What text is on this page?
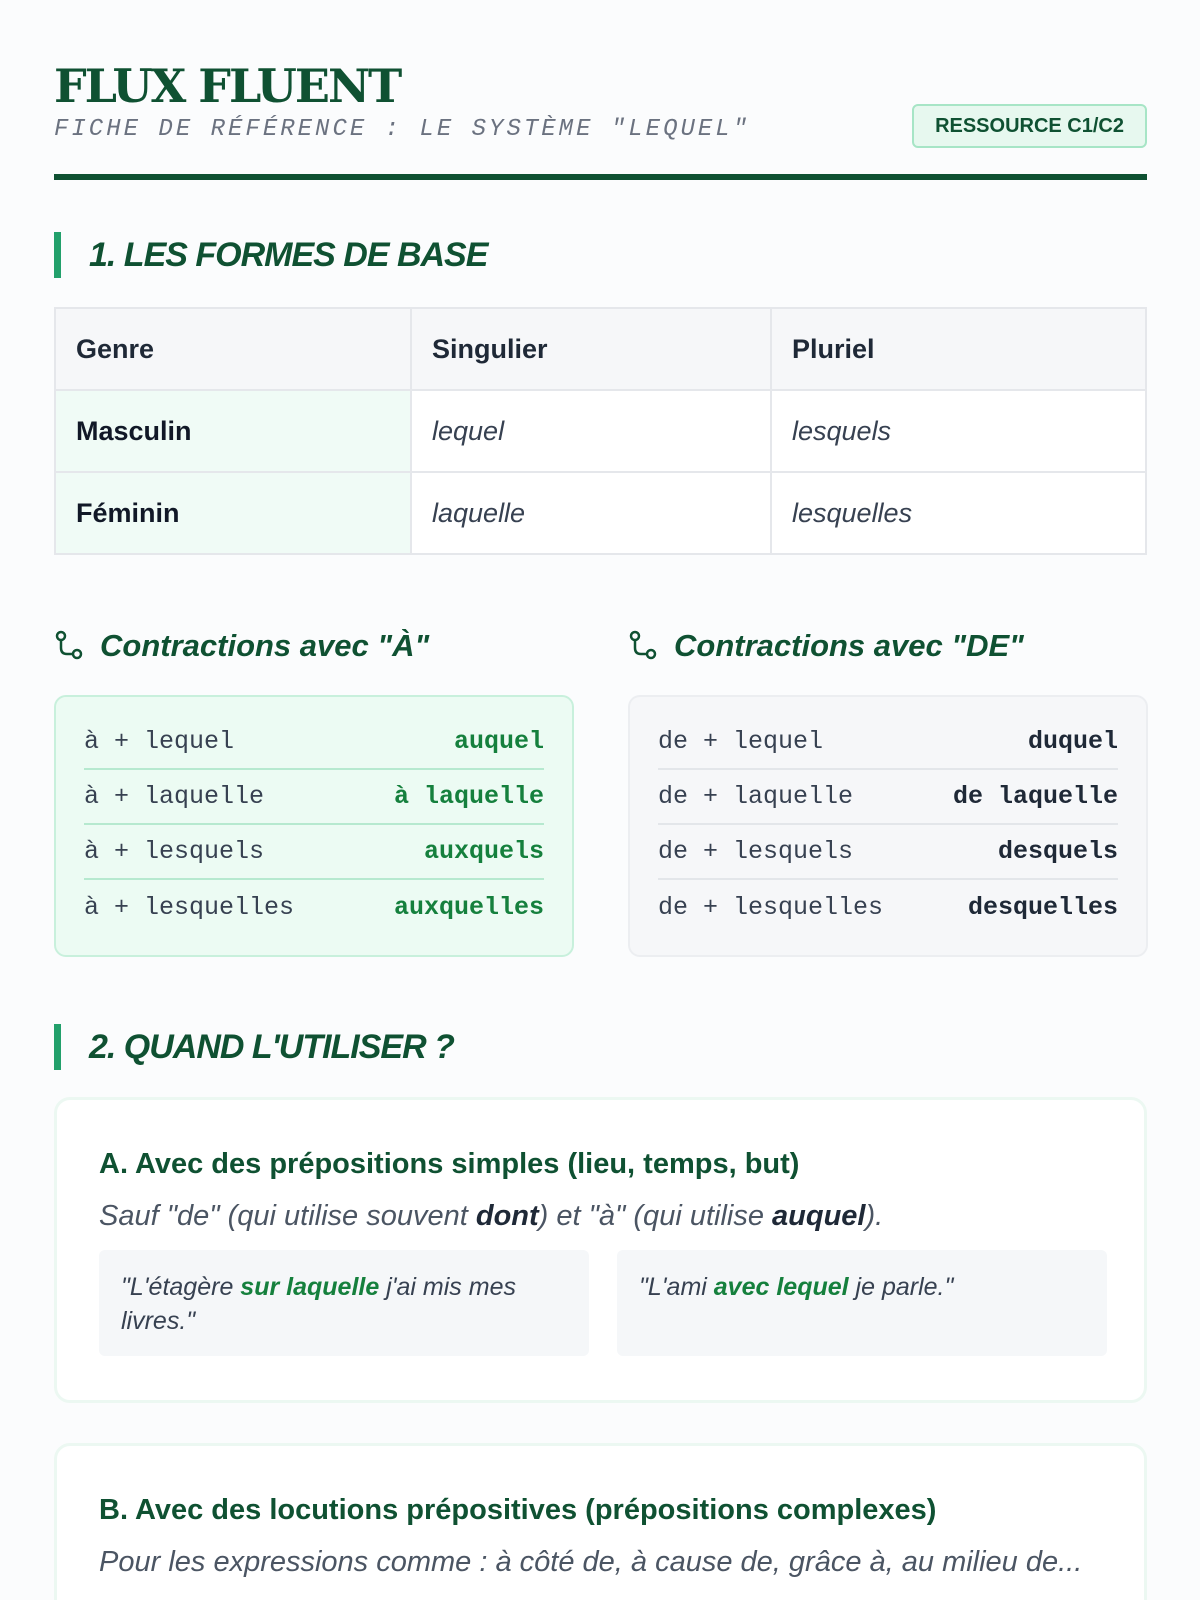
FLUX FLUENT
FICHE DE RÉFÉRENCE : LE SYSTÈME "LEQUEL"	RESSOURCE C1/C2
1. LES FORMES DE BASE
Genre	Singulier	Pluriel
Masculin	lequel	lesquels
Féminin	laquelle	lesquelles
Contractions avec "À"
à + lequel	auquel
à + laquelle	à laquelle
à + lesquels	auxquels
à + lesquelles	auxquelles
Contractions avec "DE"
de + lequel	duquel
de + laquelle	de laquelle
de + lesquels	desquels
de + lesquelles	desquelles
2. QUAND L'UTILISER ?
A. Avec des prépositions simples (lieu, temps, but)
Sauf "de" (qui utilise souvent dont) et "à" (qui utilise auquel).
"L'étagère sur laquelle j'ai mis mes livres."
"L'ami avec lequel je parle."
B. Avec des locutions prépositives (prépositions complexes)
Pour les expressions comme : à côté de, à cause de, grâce à, au milieu de...
